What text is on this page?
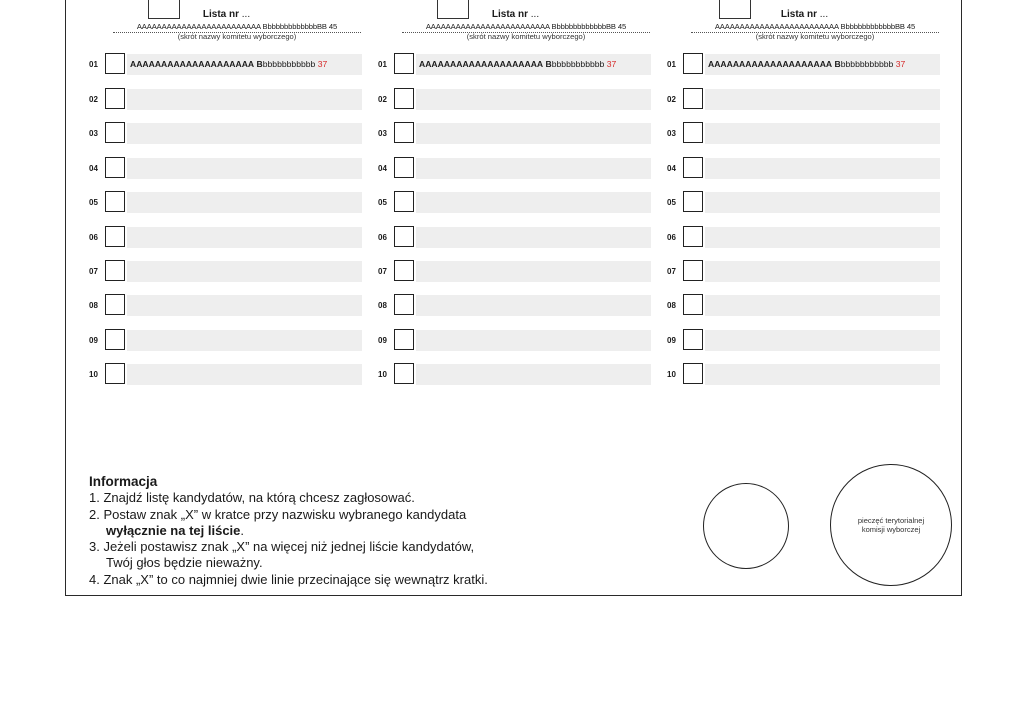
Lista nr ...
AAAAAAAAAAAAAAAAAAAAAAAAA BbbbbbbbbbbbbBB 45
(skrót nazwy komitetu wyborczego)
01	AAAAAAAAAAAAAAAAAAAA Bbbbbbbbbbbb 37
02
03
04
05
06
07
08
09
10
Lista nr ...
AAAAAAAAAAAAAAAAAAAAAAAAA BbbbbbbbbbbbbBB 45
(skrót nazwy komitetu wyborczego)
01	AAAAAAAAAAAAAAAAAAAA Bbbbbbbbbbbb 37
02
03
04
05
06
07
08
09
10
Lista nr ...
AAAAAAAAAAAAAAAAAAAAAAAAA BbbbbbbbbbbbbBB 45
(skrót nazwy komitetu wyborczego)
01	AAAAAAAAAAAAAAAAAAAA Bbbbbbbbbbbb 37
02
03
04
05
06
07
08
09
10
Informacja
1. Znajdź listę kandydatów, na którą chcesz zagłosować.
2. Postaw znak „X” w kratce przy nazwisku wybranego kandydata
wyłącznie na tej liście.
3. Jeżeli postawisz znak „X” na więcej niż jednej liście kandydatów,
Twój głos będzie nieważny.
4. Znak „X” to co najmniej dwie linie przecinające się wewnątrz kratki.
pieczęć terytorialnej komisji wyborczej
